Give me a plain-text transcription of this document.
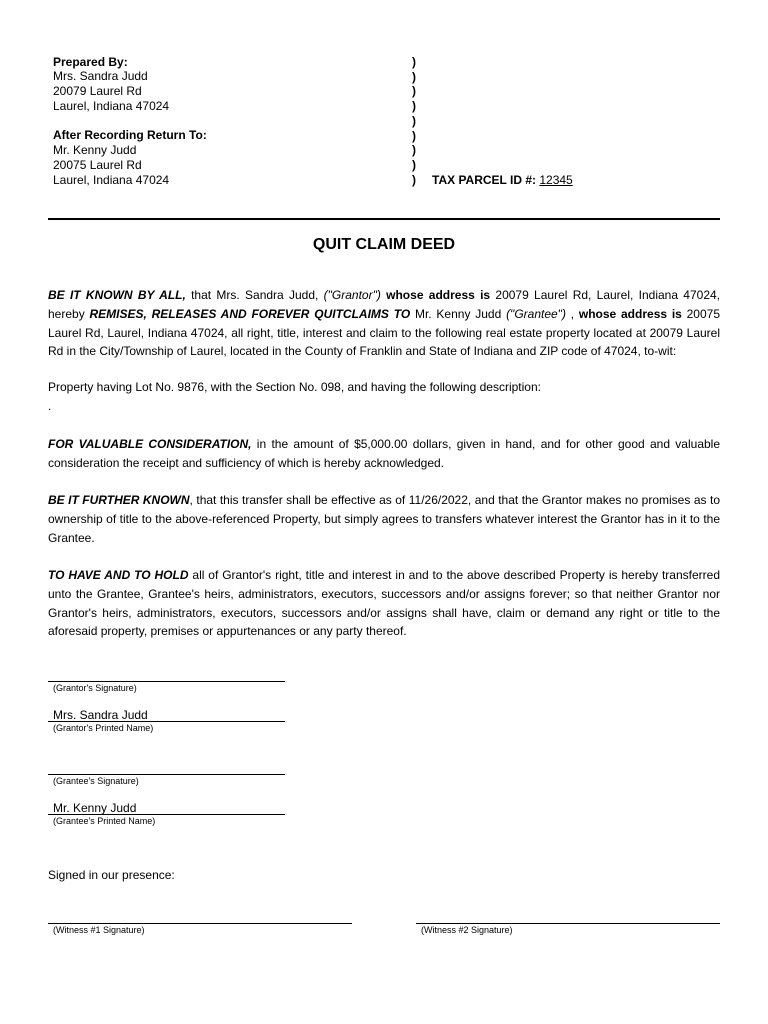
Prepared By:
Mrs. Sandra Judd
20079 Laurel Rd
Laurel, Indiana 47024
After Recording Return To:
Mr. Kenny Judd
20075 Laurel Rd
Laurel, Indiana 47024
)
)
)
)
)
)
)
)
)	TAX PARCEL ID #: 12345
QUIT CLAIM DEED
BE IT KNOWN BY ALL, that Mrs. Sandra Judd, ("Grantor") whose address is 20079 Laurel Rd, Laurel, Indiana 47024, hereby REMISES, RELEASES AND FOREVER QUITCLAIMS TO Mr. Kenny Judd ("Grantee") , whose address is 20075 Laurel Rd, Laurel, Indiana 47024, all right, title, interest and claim to the following real estate property located at 20079 Laurel Rd in the City/Township of Laurel, located in the County of Franklin and State of Indiana and ZIP code of 47024, to-wit:
Property having Lot No. 9876, with the Section No. 098, and having the following description:
.
FOR VALUABLE CONSIDERATION, in the amount of $5,000.00 dollars, given in hand, and for other good and valuable consideration the receipt and sufficiency of which is hereby acknowledged.
BE IT FURTHER KNOWN, that this transfer shall be effective as of 11/26/2022, and that the Grantor makes no promises as to ownership of title to the above-referenced Property, but simply agrees to transfers whatever interest the Grantor has in it to the Grantee.
TO HAVE AND TO HOLD all of Grantor's right, title and interest in and to the above described Property is hereby transferred unto the Grantee, Grantee's heirs, administrators, executors, successors and/or assigns forever; so that neither Grantor nor Grantor's heirs, administrators, executors, successors and/or assigns shall have, claim or demand any right or title to the aforesaid property, premises or appurtenances or any party thereof.
(Grantor's Signature)
Mrs. Sandra Judd
(Grantor's Printed Name)
(Grantee's Signature)
Mr. Kenny Judd
(Grantee's Printed Name)
Signed in our presence:
(Witness #1 Signature)	(Witness #2 Signature)
